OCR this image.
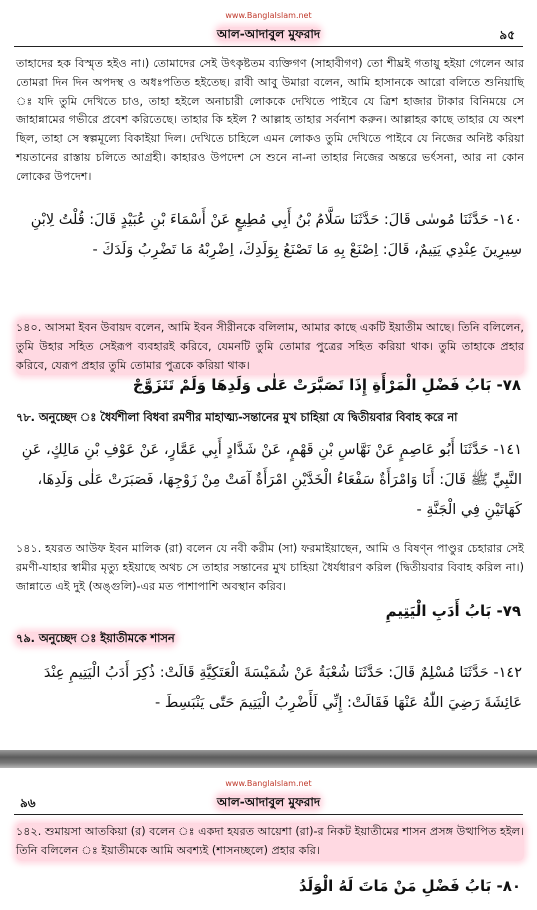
www.BanglaIslam.net
আল-আদাবুল মুফরাদ	৯৫

তাহাদের হক বিস্মৃত হইও না।) তোমাদের সেই উৎকৃষ্টতম ব্যক্তিগণ (সাহাবীগণ) তো শীঘ্রই গতায়ু হইয়া গেলেন আর তোমরা দিন দিন অপদস্থ ও অধঃপতিত হইতেছ। রাবী আবু উমারা বলেন, আমি হাসানকে আরো বলিতে শুনিয়াছি ঃ যদি তুমি দেখিতে চাও, তাহা হইলে অনাচারী লোককে দেখিতে পাইবে যে ত্রিশ হাজার টাকার বিনিময়ে সে জাহান্নামের গভীরে প্রবেশ করিতেছে। তাহার কি হইল ? আল্লাহ তাহার সর্বনাশ করুন। আল্লাহর কাছে তাহার যে অংশ ছিল, তাহা সে স্বল্পমূল্যে বিকাইয়া দিল। দেখিতে চাহিলে এমন লোকও তুমি দেখিতে পাইবে যে নিজের অনিষ্ট করিয়া শয়তানের রাস্তায় চলিতে আগ্রহী। কাহারও উপদেশ সে শুনে না-না তাহার নিজের অন্তরে ভর্ৎসনা, আর না কোন লোকের উপদেশ।

١٤٠- حَدَّثَنَا مُوسٰى قَالَ: حَدَّثَنَا سَلَّامُ بْنُ أَبِي مُطِيعٍ عَنْ أَسْمَاءَ بْنِ عُبَيْدٍ قَالَ: قُلْتُ لِابْنِ سِيرِينَ عِنْدِي يَتِيمٌ، قَالَ: اِصْنَعْ بِهِ مَا تَصْنَعُ بِوَلَدِكَ، اِضْرِبْهُ مَا تَضْرِبُ وَلَدَكَ -

১৪০. আসমা ইবন উবায়দ বলেন, আমি ইবন সীরীনকে বলিলাম, আমার কাছে একটি ইয়াতীম আছে। তিনি বলিলেন, তুমি উহার সহিত সেইরূপ ব্যবহারই করিবে, যেমনটি তুমি তোমার পুত্রের সহিত করিয়া থাক। তুমি তাহাকে প্রহার করিবে, যেরূপ প্রহার তুমি তোমার পুত্রকে করিয়া থাক।

٧٨- بَابُ فَضْلِ الْمَرْأَةِ إِذَا تَصَبَّرَتْ عَلٰى وَلَدِهَا وَلَمْ تَتَزَوَّجْ

৭৮. অনুচ্ছেদ ঃ ধৈর্যশীলা বিধবা রমণীর মাহাত্ম্য-সন্তানের মুখ চাহিয়া যে দ্বিতীয়বার বিবাহ করে না

١٤١- حَدَّثَنَا أَبُو عَاصِمٍ عَنْ نَهَّاسِ بْنِ قَهْمٍ، عَنْ شَدَّادٍ أَبِي عَمَّارٍ، عَنْ عَوْفِ بْنِ مَالِكٍ، عَنِ النَّبِيِّ ﷺ قَالَ: أَنَا وَامْرَأَةٌ سَفْعَاءُ الْخَدَّيْنِ امْرَأَةٌ آمَتْ مِنْ زَوْجِهَا، فَصَبَرَتْ عَلٰى وَلَدِهَا، كَهَاتَيْنِ فِي الْجَنَّةِ -

১৪১. হযরত আউফ ইবন মালিক (রা) বলেন যে নবী করীম (সা) ফরমাইয়াছেন, আমি ও বিষণ্ন পাণ্ডুর চেহারার সেই রমণী-যাহার স্বামীর মৃত্যু হইয়াছে অথচ সে তাহার সন্তানের মুখ চাহিয়া ধৈর্যধারণ করিল (দ্বিতীয়বার বিবাহ করিল না।) জান্নাতে এই দুই (অঙ্গুলি)-এর মত পাশাপাশি অবস্থান করিব।

٧٩- بَابُ أَدَبِ الْيَتِيمِ

৭৯. অনুচ্ছেদ ঃ ইয়াতীমকে শাসন

١٤٢- حَدَّثَنَا مُسْلِمٌ قَالَ: حَدَّثَنَا شُعْبَةُ عَنْ شُمَيْسَةَ الْعَتَكِيَّةِ قَالَتْ: ذُكِرَ أَدَبُ الْيَتِيمِ عِنْدَ عَائِشَةَ رَضِيَ اللّٰهُ عَنْهَا فَقَالَتْ: إِنِّي لَأَضْرِبُ الْيَتِيمَ حَتّٰى يَنْبَسِطَ -

www.BanglaIslam.net
আল-আদাবুল মুফরাদ
৯৬

১৪২. শুমায়সা আতকিয়া (র) বলেন ঃ একদা হযরত আয়েশা (রা)-র নিকট ইয়াতীমের শাসন প্রসঙ্গ উত্থাপিত হইল। তিনি বলিলেন ঃ ইয়াতীমকে আমি অবশ্যই (শাসনচ্ছলে) প্রহার করি।

٨٠- بَابُ فَضْلِ مَنْ مَاتَ لَهُ الْوَلَدُ
